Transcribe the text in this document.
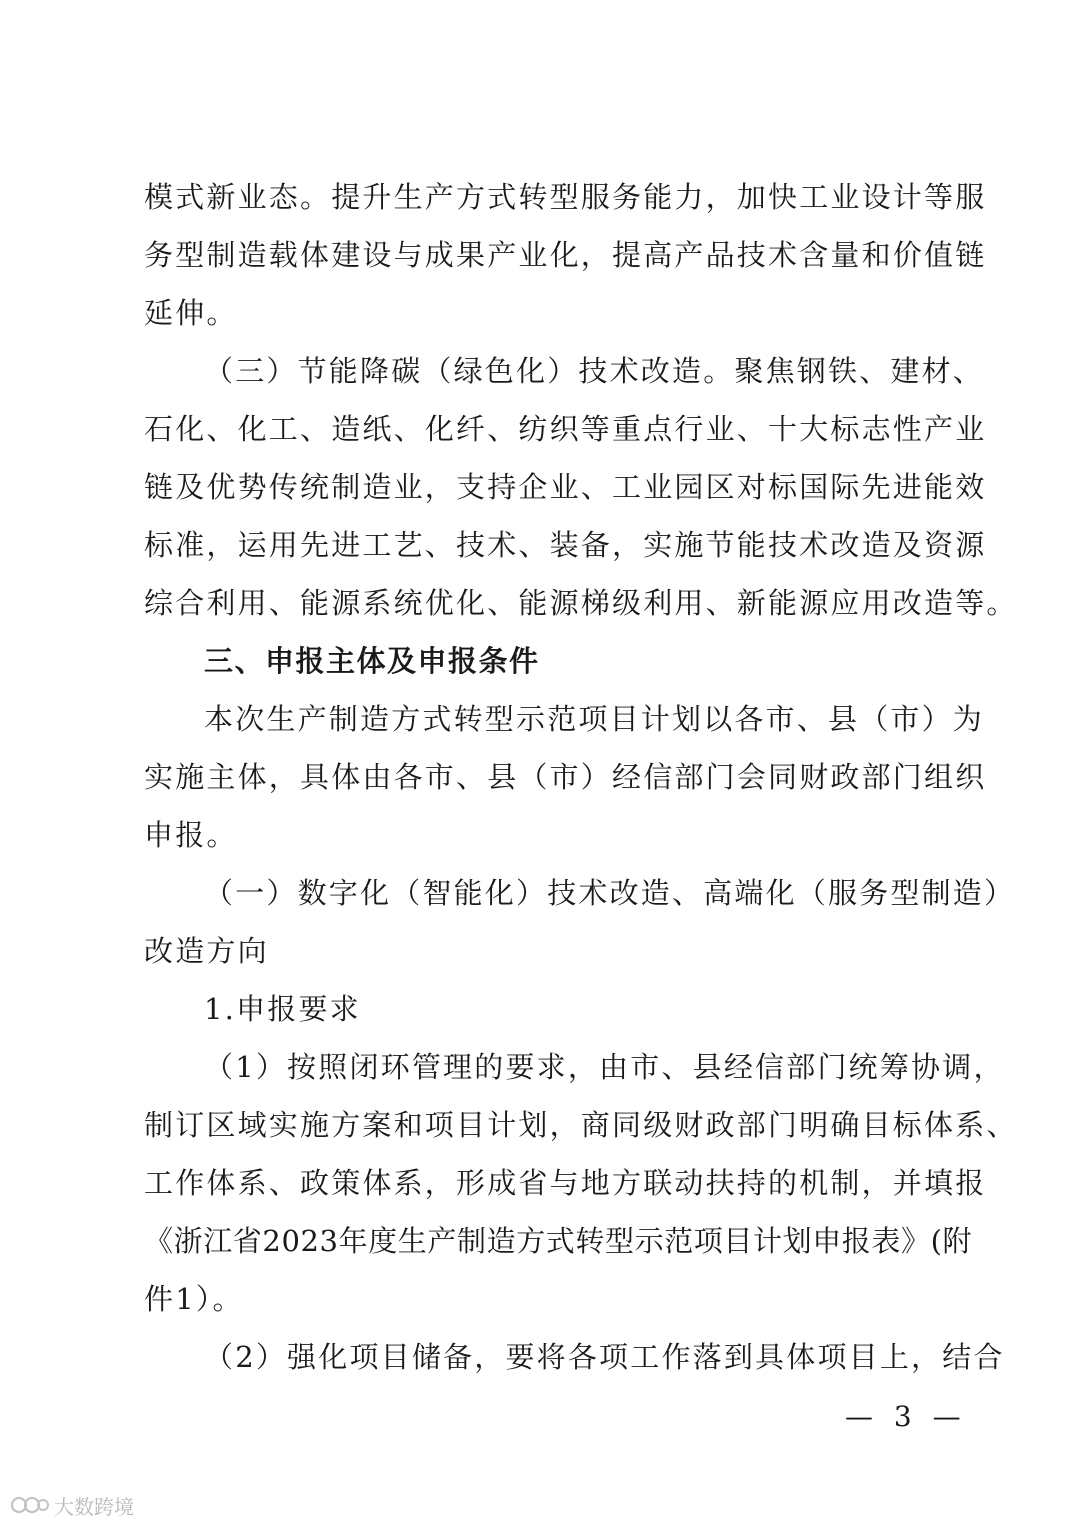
模式新业态。提升生产方式转型服务能力，加快工业设计等服
务型制造载体建设与成果产业化，提高产品技术含量和价值链
延伸。
（三）节能降碳（绿色化）技术改造。聚焦钢铁、建材、
石化、化工、造纸、化纤、纺织等重点行业、十大标志性产业
链及优势传统制造业，支持企业、工业园区对标国际先进能效
标准，运用先进工艺、技术、装备，实施节能技术改造及资源
综合利用、能源系统优化、能源梯级利用、新能源应用改造等。
三、申报主体及申报条件
本次生产制造方式转型示范项目计划以各市、县（市）为
实施主体，具体由各市、县（市）经信部门会同财政部门组织
申报。
（一）数字化（智能化）技术改造、高端化（服务型制造）
改造方向
1.申报要求
（1）按照闭环管理的要求，由市、县经信部门统筹协调，
制订区域实施方案和项目计划，商同级财政部门明确目标体系、
工作体系、政策体系，形成省与地方联动扶持的机制，并填报
《浙江省2023年度生产制造方式转型示范项目计划申报表》(附
件1）。
（2）强化项目储备，要将各项工作落到具体项目上，结合
— 3 —
大数跨境
